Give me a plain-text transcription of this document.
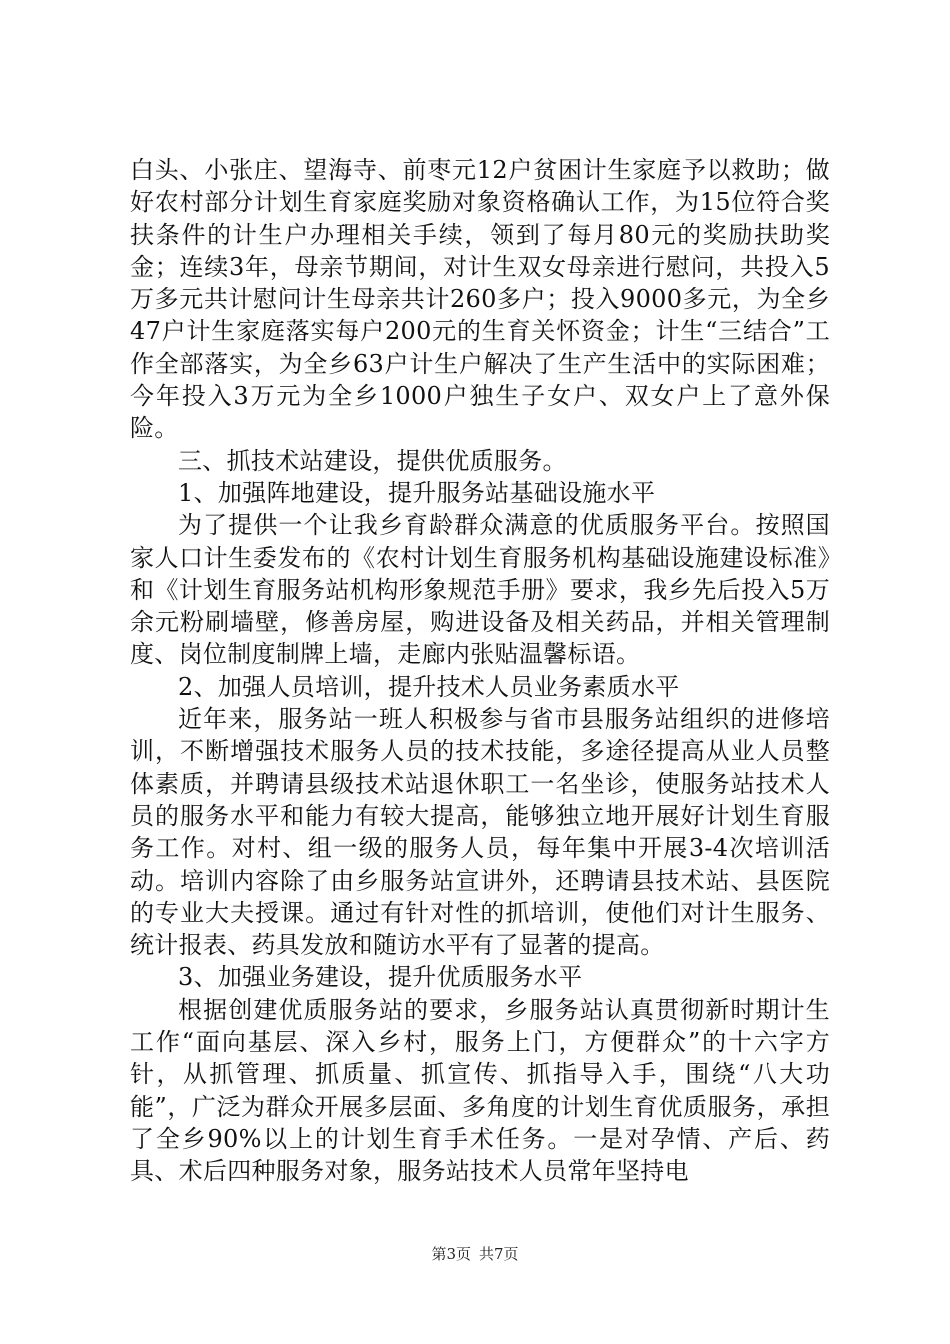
白头、小张庄、望海寺、前枣元12户贫困计生家庭予以救助；做好农村部分计划生育家庭奖励对象资格确认工作，为15位符合奖扶条件的计生户办理相关手续，领到了每月80元的奖励扶助奖金；连续3年，母亲节期间，对计生双女母亲进行慰问，共投入5万多元共计慰问计生母亲共计260多户；投入9000多元，为全乡47户计生家庭落实每户200元的生育关怀资金；计生“三结合”工作全部落实，为全乡63户计生户解决了生产生活中的实际困难；今年投入3万元为全乡1000户独生子女户、双女户上了意外保险。

三、抓技术站建设，提供优质服务。

1、加强阵地建设，提升服务站基础设施水平

为了提供一个让我乡育龄群众满意的优质服务平台。按照国家人口计生委发布的《农村计划生育服务机构基础设施建设标准》和《计划生育服务站机构形象规范手册》要求，我乡先后投入5万余元粉刷墙壁，修善房屋，购进设备及相关药品，并相关管理制度、岗位制度制牌上墙，走廊内张贴温馨标语。

2、加强人员培训，提升技术人员业务素质水平

近年来，服务站一班人积极参与省市县服务站组织的进修培训，不断增强技术服务人员的技术技能，多途径提高从业人员整体素质，并聘请县级技术站退休职工一名坐诊，使服务站技术人员的服务水平和能力有较大提高，能够独立地开展好计划生育服务工作。对村、组一级的服务人员，每年集中开展3-4次培训活动。培训内容除了由乡服务站宣讲外，还聘请县技术站、县医院的专业大夫授课。通过有针对性的抓培训，使他们对计生服务、统计报表、药具发放和随访水平有了显著的提高。

3、加强业务建设，提升优质服务水平

根据创建优质服务站的要求，乡服务站认真贯彻新时期计生工作“面向基层、深入乡村，服务上门，方便群众”的十六字方针，从抓管理、抓质量、抓宣传、抓指导入手，围绕“八大功能”，广泛为群众开展多层面、多角度的计划生育优质服务，承担了全乡90%以上的计划生育手术任务。一是对孕情、产后、药具、术后四种服务对象，服务站技术人员常年坚持电

第3页 共7页
